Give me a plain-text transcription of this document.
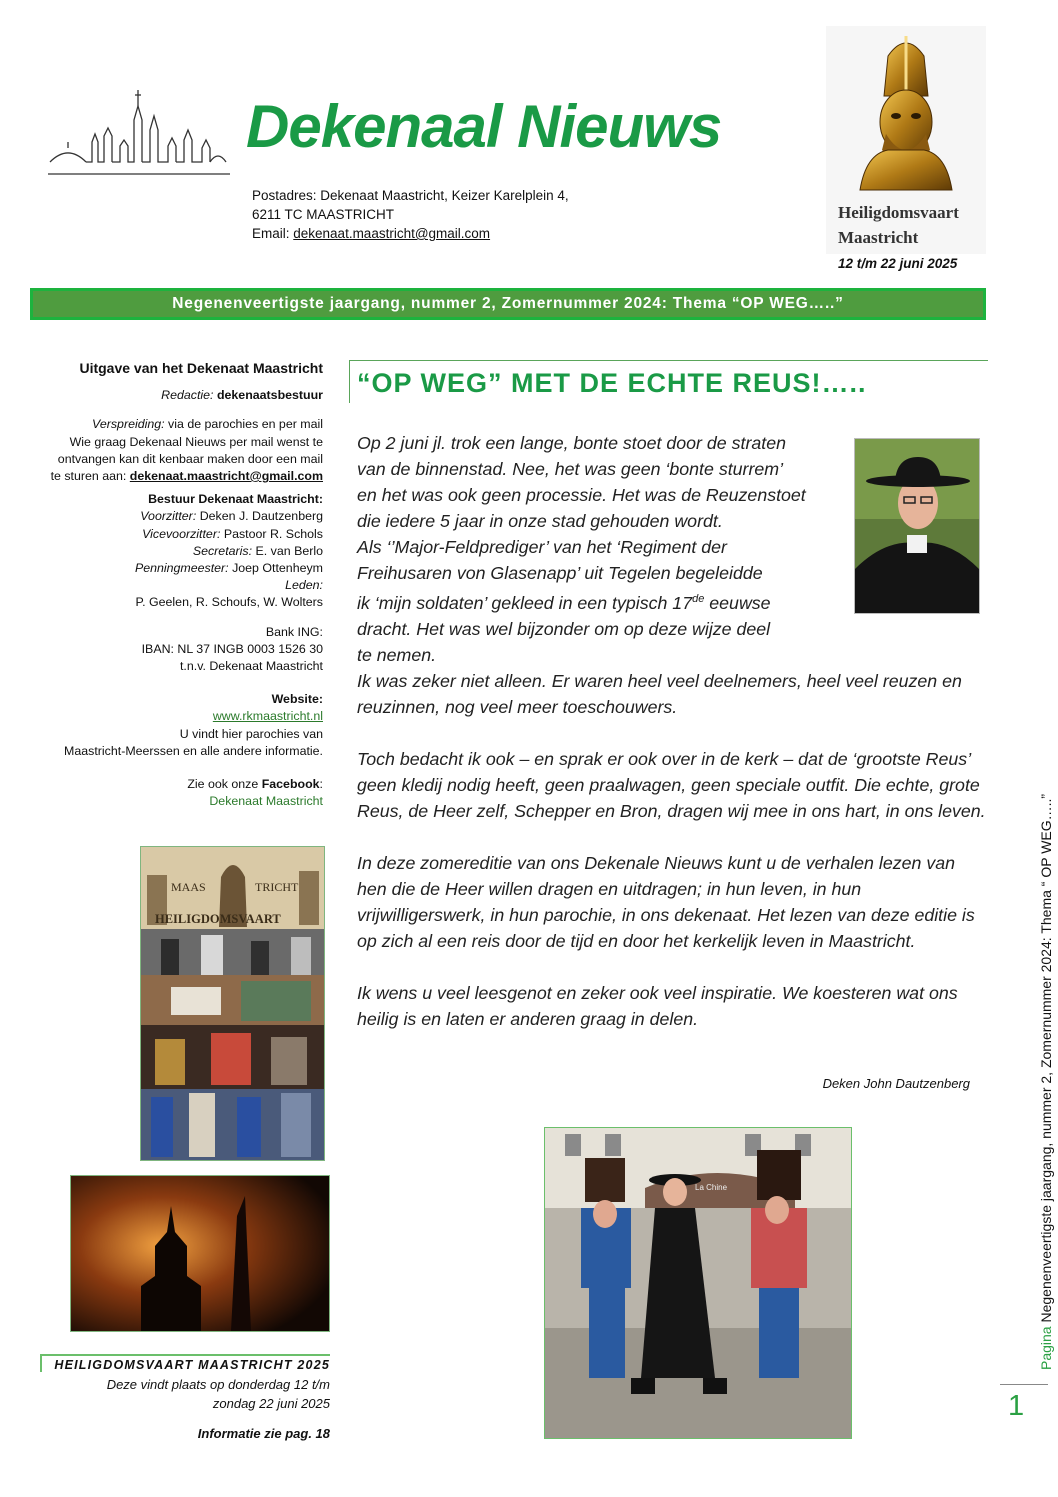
Dekenaal Nieuws
Postadres: Dekenaat Maastricht, Keizer Karelplein 4,
6211 TC MAASTRICHT
Email: dekenaat.maastricht@gmail.com
Heiligdomsvaart
Maastricht
12 t/m 22 juni 2025
Negenenveertigste jaargang, nummer 2, Zomernummer 2024: Thema “OP WEG…..”

Uitgave van het Dekenaat Maastricht

Redactie: dekenaatsbestuur

Verspreiding: via de parochies en per mail

Wie graag Dekenaal Nieuws per mail wenst te

ontvangen kan dit kenbaar maken door een mail

te sturen aan: dekenaat.maastricht@gmail.com

Bestuur Dekenaat Maastricht:

Voorzitter: Deken J. Dautzenberg

Vicevoorzitter: Pastoor R. Schols

Secretaris: E. van Berlo

Penningmeester: Joep Ottenheym

Leden:

P. Geelen, R. Schoufs, W. Wolters

Bank ING:

IBAN: NL 37 INGB 0003 1526 30

t.n.v. Dekenaat Maastricht

Website:

www.rkmaastricht.nl

U vindt hier parochies van

Maastricht-Meerssen en alle andere informatie.

Zie ook onze Facebook:

Dekenaat Maastricht

MAAS	TRICHT
HEILIGDOMSVAART
HEILIGDOMSVAART MAASTRICHT 2025
Deze vindt plaats op donderdag 12 t/m
zondag 22 juni 2025
Informatie zie pag. 18
“OP WEG” MET DE ECHTE REUS!…..

Op 2 juni jl. trok een lange, bonte stoet door de straten

van de binnenstad. Nee, het was geen ‘bonte sturrem’

en het was ook geen processie. Het was de Reuzenstoet

die iedere 5 jaar in onze stad gehouden wordt.

Als ‘’Major-Feldprediger’ van het ‘Regiment der

Freihusaren von Glasenapp’ uit Tegelen begeleidde

ik ‘mijn soldaten’ gekleed in een typisch 17de eeuwse

dracht. Het was wel bijzonder om op deze wijze deel

te nemen.

Ik was zeker niet alleen. Er waren heel veel deelnemers, heel veel reuzen en reuzinnen, nog veel meer toeschouwers.

Toch bedacht ik ook – en sprak er ook over in de kerk – dat de ‘grootste Reus’ geen kledij nodig heeft, geen praalwagen, geen speciale outfit. Die echte, grote Reus, de Heer zelf, Schepper en Bron, dragen wij mee in ons hart, in ons leven.

In deze zomereditie van ons Dekenale Nieuws kunt u de verhalen lezen van hen die de Heer willen dragen en uitdragen; in hun leven, in hun vrijwilligerswerk, in hun parochie, in ons dekenaat. Het lezen van deze editie is op zich al een reis door de tijd en door het kerkelijk leven in Maastricht.

Ik wens u veel leesgenot en zeker ook veel inspiratie. We koesteren wat ons heilig is en laten er anderen graag in delen.

Deken John Dautzenberg
La Chine
Pagina Negenenveertigste jaargang, nummer 2, Zomernummer 2024: Thema “ OP WEG…..”
1
